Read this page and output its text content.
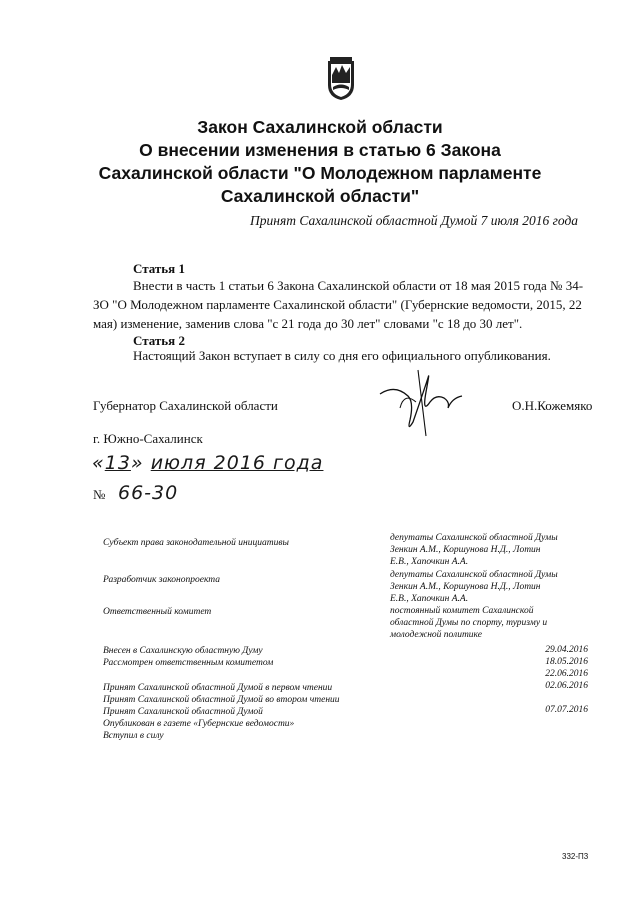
Закон Сахалинской области
О внесении изменения в статью 6 Закона
Сахалинской области "О Молодежном парламенте
Сахалинской области"
Принят Сахалинской областной Думой 7 июля 2016 года
Статья 1
Внести в часть 1 статьи 6 Закона Сахалинской области от 18 мая 2015 года № 34-
ЗО "О Молодежном парламенте Сахалинской области" (Губернские ведомости, 2015, 22
мая) изменение, заменив слова "с 21 года до 30 лет" словами "с 18 до 30 лет".
Статья 2
Настоящий Закон вступает в силу со дня его официального опубликования.
Губернатор Сахалинской области	О.Н.Кожемяко
г. Южно-Сахалинск
«13» июля 2016 года
№ 66-30
Субъект права законодательной инициативы
Разработчик законопроекта
Ответственный комитет
Внесен в Сахалинскую областную Думу
Рассмотрен ответственным комитетом
Принят Сахалинской областной Думой в первом чтении
Принят Сахалинской областной Думой во втором чтении
Принят Сахалинской областной Думой
Опубликован в газете «Губернские ведомости»
Вступил в силу
депутаты Сахалинской областной Думы
Зенкин А.М., Коршунова Н.Д., Лотин
Е.В., Хапочкин А.А.
депутаты Сахалинской областной Думы
Зенкин А.М., Коршунова Н.Д., Лотин
Е.В., Хапочкин А.А.
постоянный комитет Сахалинской
областной Думы по спорту, туризму и
молодежной политике
29.04.2016
18.05.2016
22.06.2016
02.06.2016
07.07.2016
332-П3
